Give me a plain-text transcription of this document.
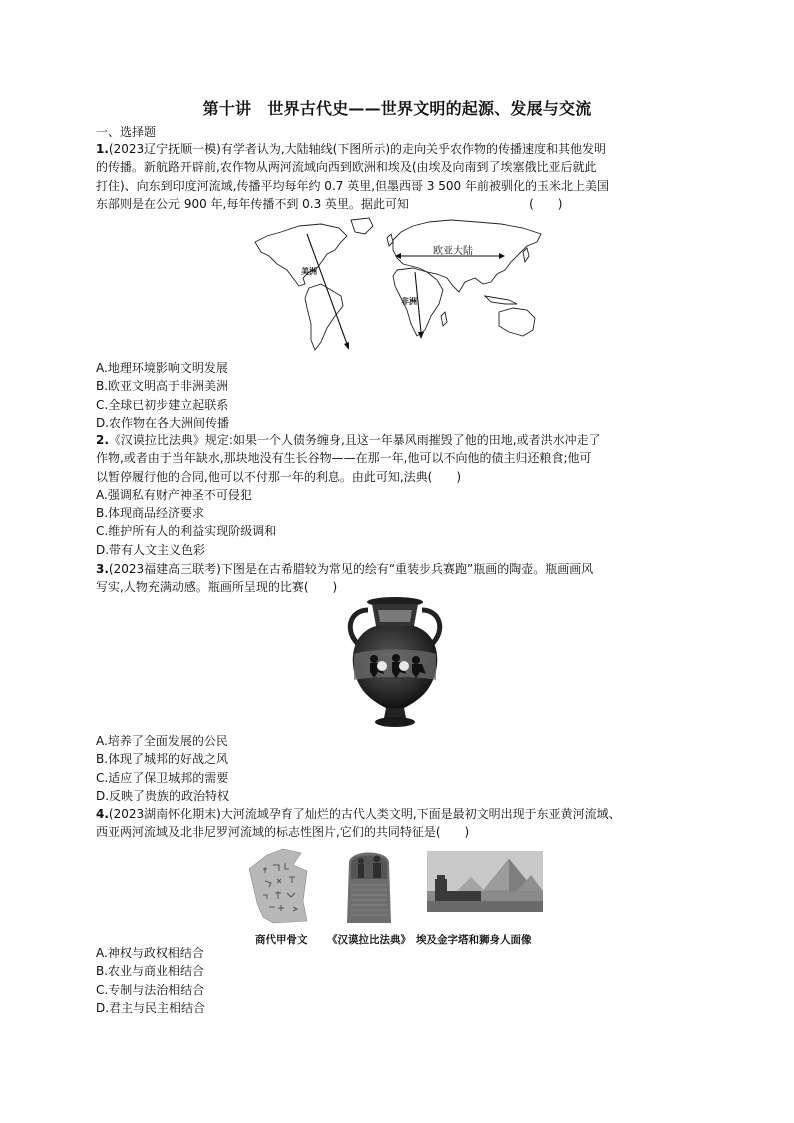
第十讲　世界古代史——世界文明的起源、发展与交流
一、选择题
1.(2023辽宁抚顺一模)有学者认为,大陆轴线(下图所示)的走向关乎农作物的传播速度和其他发明
的传播。新航路开辟前,农作物从两河流域向西到欧洲和埃及(由埃及向南到了埃塞俄比亚后就此
打住)、向东到印度河流域,传播平均每年约 0.7 英里,但墨西哥 3 500 年前被驯化的玉米北上美国
东部则是在公元 900 年,每年传播不到 0.3 英里。据此可知　　　　　　　　　　(　　)
欧亚大陆
美洲
非洲
A.地理环境影响文明发展
B.欧亚文明高于非洲美洲
C.全球已初步建立起联系
D.农作物在各大洲间传播
2.《汉谟拉比法典》规定:如果一个人债务缠身,且这一年暴风雨摧毁了他的田地,或者洪水冲走了
作物,或者由于当年缺水,那块地没有生长谷物——在那一年,他可以不向他的债主归还粮食;他可
以暂停履行他的合同,他可以不付那一年的利息。由此可知,法典(　　)
A.强调私有财产神圣不可侵犯
B.体现商品经济要求
C.维护所有人的利益实现阶级调和
D.带有人文主义色彩
3.(2023福建高三联考)下图是在古希腊较为常见的绘有“重装步兵赛跑”瓶画的陶壶。瓶画画风
写实,人物充满动感。瓶画所呈现的比赛(　　)
A.培养了全面发展的公民
B.体现了城邦的好战之风
C.适应了保卫城邦的需要
D.反映了贵族的政治特权
4.(2023湖南怀化期末)大河流域孕育了灿烂的古代人类文明,下面是最初文明出现于东亚黄河流域、
西亚两河流域及北非尼罗河流域的标志性图片,它们的共同特征是(　　)
商代甲骨文 《汉谟拉比法典》 埃及金字塔和狮身人面像
A.神权与政权相结合
B.农业与商业相结合
C.专制与法治相结合
D.君主与民主相结合
